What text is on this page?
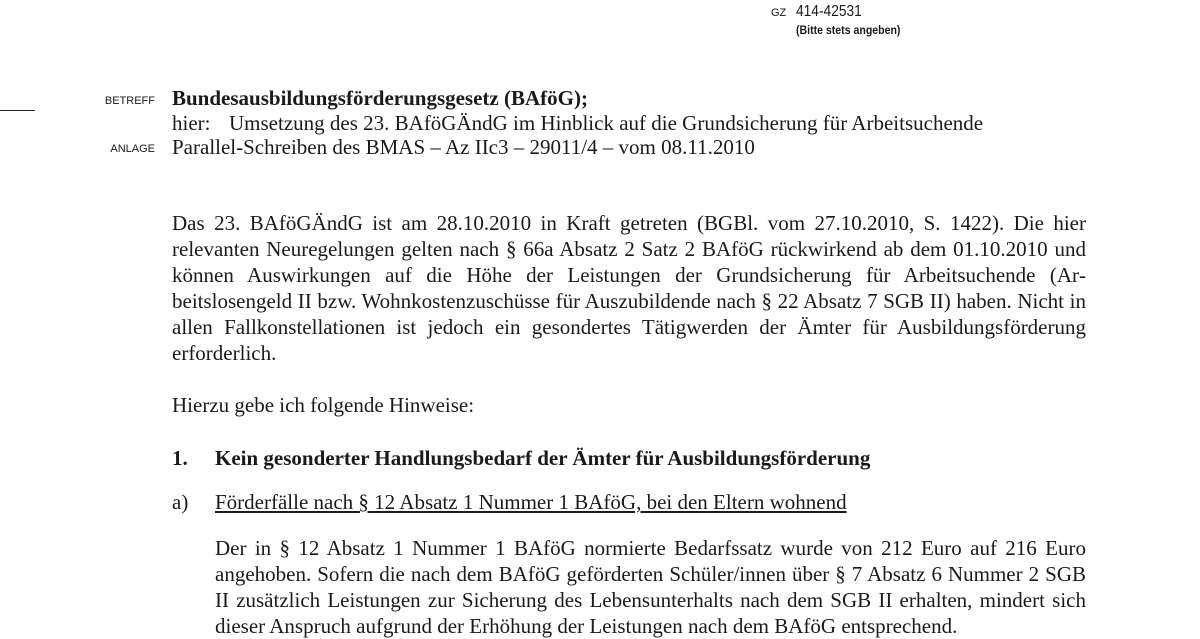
GZ 414-42531
(Bitte stets angeben)
BETREFF
ANLAGE
Bundesausbildungsförderungsgesetz (BAföG);
hier: Umsetzung des 23. BAföGÄndG im Hinblick auf die Grundsicherung für Arbeitsuchende
Parallel-Schreiben des BMAS – Az IIc3 – 29011/4 – vom 08.11.2010

Das 23. BAföGÄndG ist am 28.10.2010 in Kraft getreten (BGBl. vom 27.10.2010, S. 1422). Die hier relevanten Neuregelungen gelten nach § 66a Absatz 2 Satz 2 BAföG rückwirkend ab dem 01.10.2010 und können Auswirkungen auf die Höhe der Leistungen der Grundsicherung für Arbeitsuchende (Arbeitslosengeld II bzw. Wohnkostenzuschüsse für Auszubildende nach § 22 Absatz 7 SGB II) haben. Nicht in allen Fallkonstellationen ist jedoch ein gesondertes Tätigwerden der Ämter für Ausbildungsförderung erforderlich.

Hierzu gebe ich folgende Hinweise:

1. Kein gesonderter Handlungsbedarf der Ämter für Ausbildungsförderung
a) Förderfälle nach § 12 Absatz 1 Nummer 1 BAföG, bei den Eltern wohnend

Der in § 12 Absatz 1 Nummer 1 BAföG normierte Bedarfssatz wurde von 212 Euro auf 216 Euro angehoben. Sofern die nach dem BAföG geförderten Schüler/innen über § 7 Absatz 6 Nummer 2 SGB II zusätzlich Leistungen zur Sicherung des Lebensunterhalts nach dem SGB II erhalten, mindert sich dieser Anspruch aufgrund der Erhöhung der Leistungen nach dem BAföG entsprechend.
